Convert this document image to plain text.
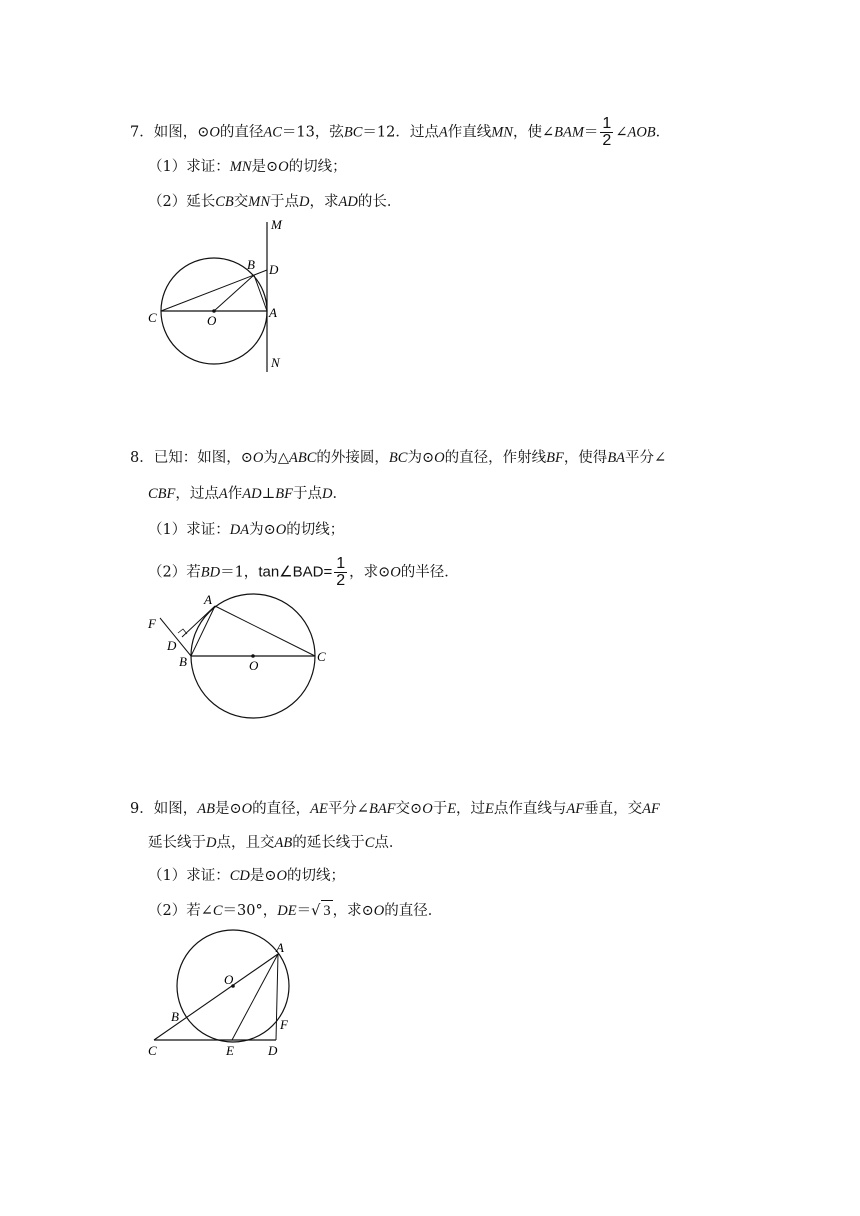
7．如图，⊙O的直径AC＝13，弦BC＝12．过点A作直线MN，使∠BAM＝ $\frac{1}{2}$ ∠AOB．
（1）求证：MN是⊙O的切线；
（2）延长CB交MN于点D，求AD的长．
M
B D
C	O
A
N
8．已知：如图，⊙O为△ABC的外接圆，BC为⊙O的直径，作射线BF，使得BA平分∠
CBF，过点A作AD⊥BF于点D．
（1）求证：DA为⊙O的切线；
（2）若BD＝1，tan∠BAD= $\frac{1}{2}$ ，求⊙O的半径．
F
A
D
B	O
C
9．如图，AB是⊙O的直径，AE平分∠BAF交⊙O于E，过E点作直线与AF垂直，交AF
延长线于D点，且交AB的延长线于C点．
（1）求证：CD是⊙O的切线；
（2）若∠C＝30°，DE＝√ 3 ，求⊙O的直径．
A
O
B
F
C	E	D
